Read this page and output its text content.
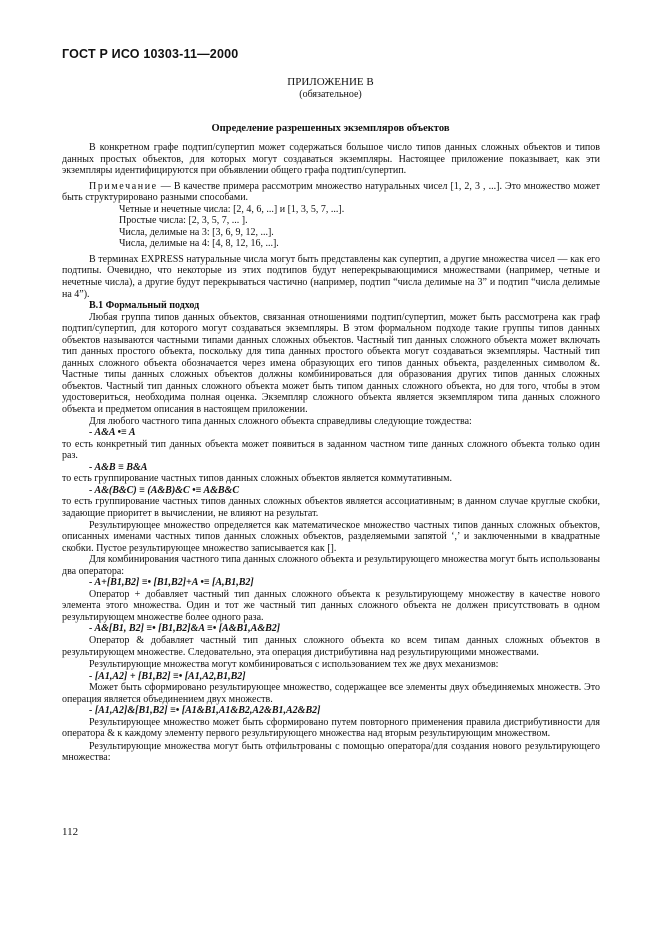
ГОСТ Р ИСО 10303-11—2000
ПРИЛОЖЕНИЕ В
(обязательное)
Определение разрешенных экземпляров объектов

В конкретном графе подтип/супертип может содержаться большое число типов данных сложных объектов и типов данных простых объектов, для которых могут создаваться экземпляры. Настоящее приложение показывает, как эти экземпляры идентифицируются при объявлении общего графа подтип/супертип.

Примечание — В качестве примера рассмотрим множество натуральных чисел [1, 2, 3 , ...]. Это множество может быть структурировано разными способами.

Четные и нечетные числа: [2, 4, 6, ...] и [1, 3, 5, 7, ...].

Простые числа: [2, 3, 5, 7, ... ].

Числа, делимые на 3: [3, 6, 9, 12, ...].

Числа, делимые на 4: [4, 8, 12, 16, ...].

В терминах EXPRESS натуральные числа могут быть представлены как супертип, а другие множества чисел — как его подтипы. Очевидно, что некоторые из этих подтипов будут неперекрывающимися множествами (например, четные и нечетные числа), а другие будут перекрываться частично (например, подтип “числа делимые на 3” и подтип “числа делимые на 4”).

В.1 Формальный подход

Любая группа типов данных объектов, связанная отношениями подтип/супертип, может быть рассмотрена как граф подтип/супертип, для которого могут создаваться экземпляры. В этом формальном подходе такие группы типов данных объектов называются частными типами данных сложных объектов. Частный тип данных сложного объекта может включать тип данных простого объекта, поскольку для типа данных простого объекта могут создаваться экземпляры. Частный тип данных сложного объекта обозначается через имена образующих его типов данных объекта, разделенных символом &. Частные типы данных сложных объектов должны комбинироваться для образования других типов данных сложных объектов. Частный тип данных сложного объекта может быть типом данных сложного объекта, но для того, чтобы в этом удостовериться, необходима полная оценка. Экземпляр сложного объекта является экземпляром типа данных сложного объекта и предметом описания в настоящем приложении.

Для любого частного типа данных сложного объекта справедливы следующие тождества:

- A&A •≡ A

то есть конкретный тип данных объекта может появиться в заданном частном типе данных сложного объекта только один раз.

- A&B ≡ B&A

то есть группирование частных типов данных сложных объектов является коммутативным.

- A&(B&C) ≡ (A&B)&C •≡ A&B&C

то есть группирование частных типов данных сложных объектов является ассоциативным; в данном случае круглые скобки, задающие приоритет в вычислении, не влияют на результат.

Результирующее множество определяется как математическое множество частных типов данных сложных объектов, описанных именами частных типов данных сложных объектов, разделяемыми запятой ‘,’ и заключенными в квадратные скобки. Пустое результирующее множество записывается как [].

Для комбинирования частного типа данных сложного объекта и результирующего множества могут быть использованы два оператора:

- A+[B1,B2] ≡• [B1,B2]+A •≡ [A,B1,B2]

Оператор + добавляет частный тип данных сложного объекта к результирующему множеству в качестве нового элемента этого множества. Один и тот же частный тип данных сложного объекта не должен присутствовать в одном результирующем множестве более одного раза.

- A&[B1, B2] ≡• [B1,B2]&A ≡• [A&B1,A&B2]

Оператор & добавляет частный тип данных сложного объекта ко всем типам данных сложных объектов в результирующем множестве. Следовательно, эта операция дистрибутивна над результирующими множествами.

Результирующие множества могут комбинироваться с использованием тех же двух механизмов:

- [A1,A2] + [B1,B2] ≡• [A1,A2,B1,B2]

Может быть сформировано результирующее множество, содержащее все элементы двух объединяемых множеств. Это операция является объединением двух множеств.

- [A1,A2]&[B1,B2] ≡• [A1&B1,A1&B2,A2&B1,A2&B2]

Результирующее множество может быть сформировано путем повторного применения правила дистрибутивности для оператора & к каждому элементу первого результирующего множества над вторым результирующим множеством.

Результирующие множества могут быть отфильтрованы с помощью оператора/для создания нового результирующего множества:

112
